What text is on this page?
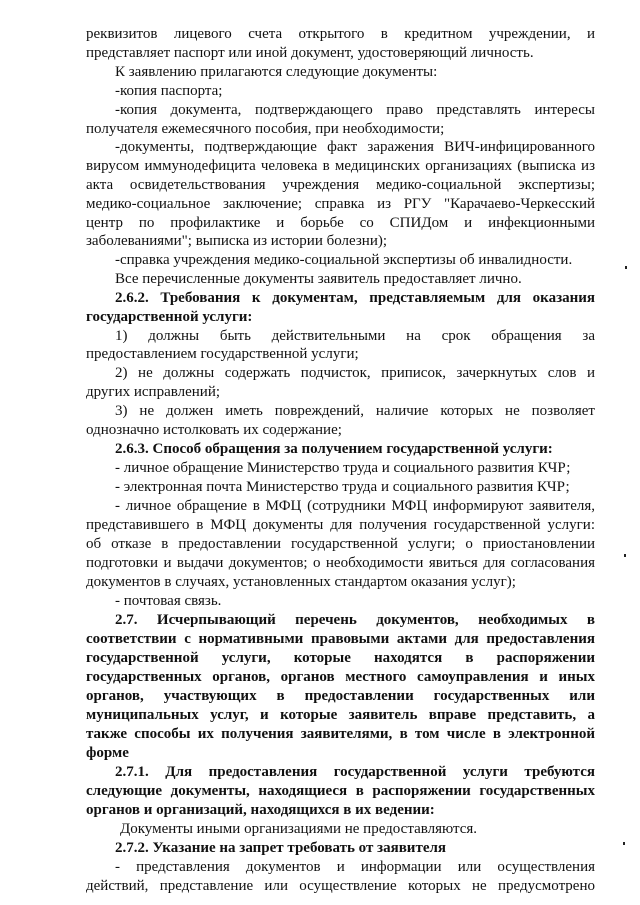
реквизитов лицевого счета открытого в кредитном учреждении, и
представляет паспорт или иной документ, удостоверяющий личность.
К заявлению прилагаются следующие документы:
-копия паспорта;
-копия документа, подтверждающего право представлять интересы
получателя ежемесячного пособия, при необходимости;
-документы, подтверждающие факт заражения ВИЧ-инфицированного
вирусом иммунодефицита человека в медицинских организациях (выписка из
акта освидетельствования учреждения медико-социальной экспертизы;
медико-социальное заключение; справка из РГУ "Карачаево-Черкесский
центр по профилактике и борьбе со СПИДом и инфекционными
заболеваниями"; выписка из истории болезни);
-справка учреждения медико-социальной экспертизы об инвалидности.
Все перечисленные документы заявитель предоставляет лично.
2.6.2. Требования к документам, представляемым для оказания
государственной услуги:
1) должны быть действительными на срок обращения за
предоставлением государственной услуги;
2) не должны содержать подчисток, приписок, зачеркнутых слов и
других исправлений;
3) не должен иметь повреждений, наличие которых не позволяет
однозначно истолковать их содержание;
2.6.3. Способ обращения за получением государственной услуги:
- личное обращение Министерство труда и социального развития КЧР;
- электронная почта Министерство труда и социального развития КЧР;
- личное обращение в МФЦ (сотрудники МФЦ информируют заявителя,
представившего в МФЦ документы для получения государственной услуги:
об отказе в предоставлении государственной услуги; о приостановлении
подготовки и выдачи документов; о необходимости явиться для согласования
документов в случаях, установленных стандартом оказания услуг);
- почтовая связь.
2.7. Исчерпывающий перечень документов, необходимых в
соответствии с нормативными правовыми актами для предоставления
государственной услуги, которые находятся в распоряжении
государственных органов, органов местного самоуправления и иных
органов, участвующих в предоставлении государственных или
муниципальных услуг, и которые заявитель вправе представить, а
также способы их получения заявителями, в том числе в электронной
форме
2.7.1. Для предоставления государственной услуги требуются
следующие документы, находящиеся в распоряжении государственных
органов и организаций, находящихся в их ведении:
Документы иными организациями не предоставляются.
2.7.2. Указание на запрет требовать от заявителя
- представления документов и информации или осуществления
действий, представление или осуществление которых не предусмотрено
